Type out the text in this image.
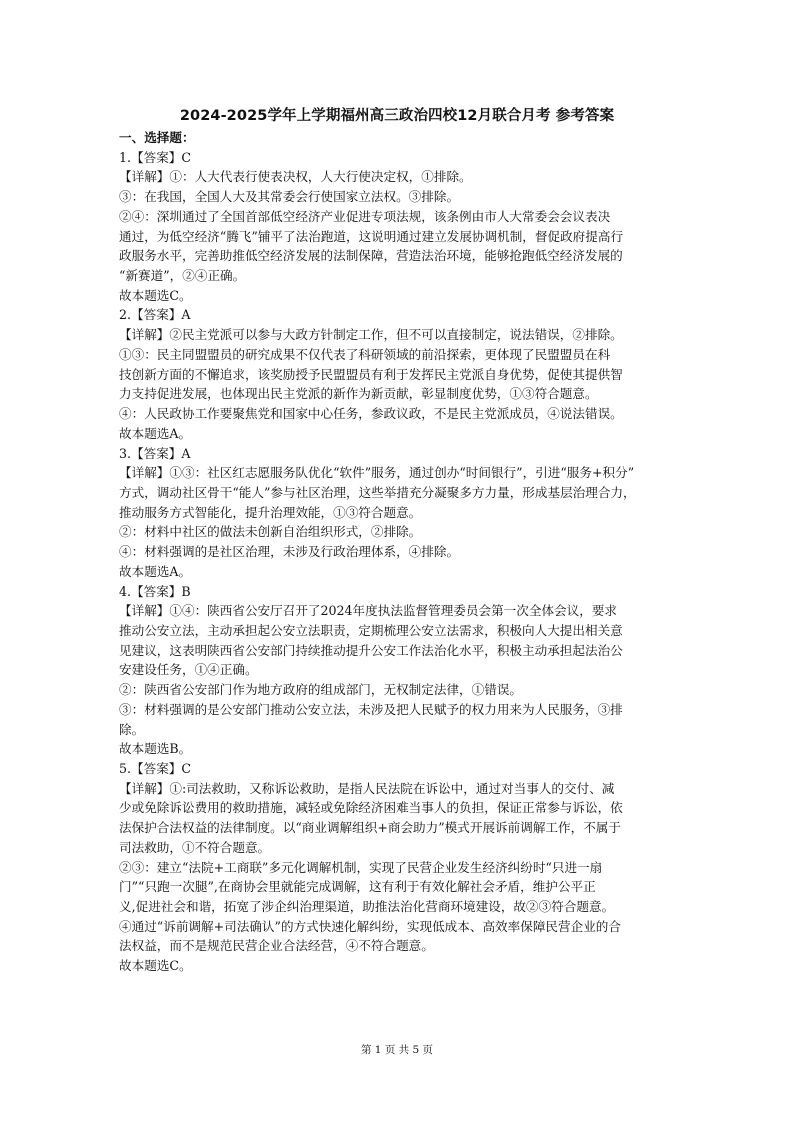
2024-2025学年上学期福州高三政治四校12月联合月考 参考答案
一、选择题：
1.【答案】C
【详解】①：人大代表行使表决权，人大行使决定权，①排除。
③：在我国，全国人大及其常委会行使国家立法权。③排除。
②④：深圳通过了全国首部低空经济产业促进专项法规，该条例由市人大常委会会议表决
通过，为低空经济“腾飞”铺平了法治跑道，这说明通过建立发展协调机制，督促政府提高行
政服务水平，完善助推低空经济发展的法制保障，营造法治环境，能够抢跑低空经济发展的
“新赛道”，②④正确。
故本题选C。
2.【答案】A
【详解】②民主党派可以参与大政方针制定工作，但不可以直接制定，说法错误，②排除。
①③：民主同盟盟员的研究成果不仅代表了科研领域的前沿探索，更体现了民盟盟员在科
技创新方面的不懈追求，该奖励授予民盟盟员有利于发挥民主党派自身优势，促使其提供智
力支持促进发展，也体现出民主党派的新作为新贡献，彰显制度优势，①③符合题意。
④：人民政协工作要聚焦党和国家中心任务，参政议政，不是民主党派成员，④说法错误。
故本题选A。
3.【答案】A
【详解】①③：社区红志愿服务队优化“软件”服务，通过创办“时间银行”，引进“服务+积分”
方式，调动社区骨干“能人”参与社区治理，这些举措充分凝聚多方力量，形成基层治理合力，
推动服务方式智能化，提升治理效能，①③符合题意。
②：材料中社区的做法未创新自治组织形式，②排除。
④：材料强调的是社区治理，未涉及行政治理体系，④排除。
故本题选A。
4.【答案】B
【详解】①④：陕西省公安厅召开了2024年度执法监督管理委员会第一次全体会议，要求
推动公安立法，主动承担起公安立法职责，定期梳理公安立法需求，积极向人大提出相关意
见建议，这表明陕西省公安部门持续推动提升公安工作法治化水平，积极主动承担起法治公
安建设任务，①④正确。
②：陕西省公安部门作为地方政府的组成部门，无权制定法律，①错误。
③：材料强调的是公安部门推动公安立法，未涉及把人民赋予的权力用来为人民服务，③排
除。
故本题选B。
5.【答案】C
【详解】①:司法救助，又称诉讼救助，是指人民法院在诉讼中，通过对当事人的交付、减
少或免除诉讼费用的救助措施，减轻或免除经济困难当事人的负担，保证正常参与诉讼，依
法保护合法权益的法律制度。以“商业调解组织+商会助力”模式开展诉前调解工作，不属于
司法救助，①不符合题意。
②③：建立“法院+工商联”多元化调解机制，实现了民营企业发生经济纠纷时“只进一扇
门”“只跑一次腿”,在商协会里就能完成调解，这有利于有效化解社会矛盾，维护公平正
义,促进社会和谐，拓宽了涉企纠治理渠道，助推法治化营商环境建设，故②③符合题意。
④通过“诉前调解+司法确认”的方式快速化解纠纷，实现低成本、高效率保障民营企业的合
法权益，而不是规范民营企业合法经营，④不符合题意。
故本题选C。
第 1 页 共 5 页
